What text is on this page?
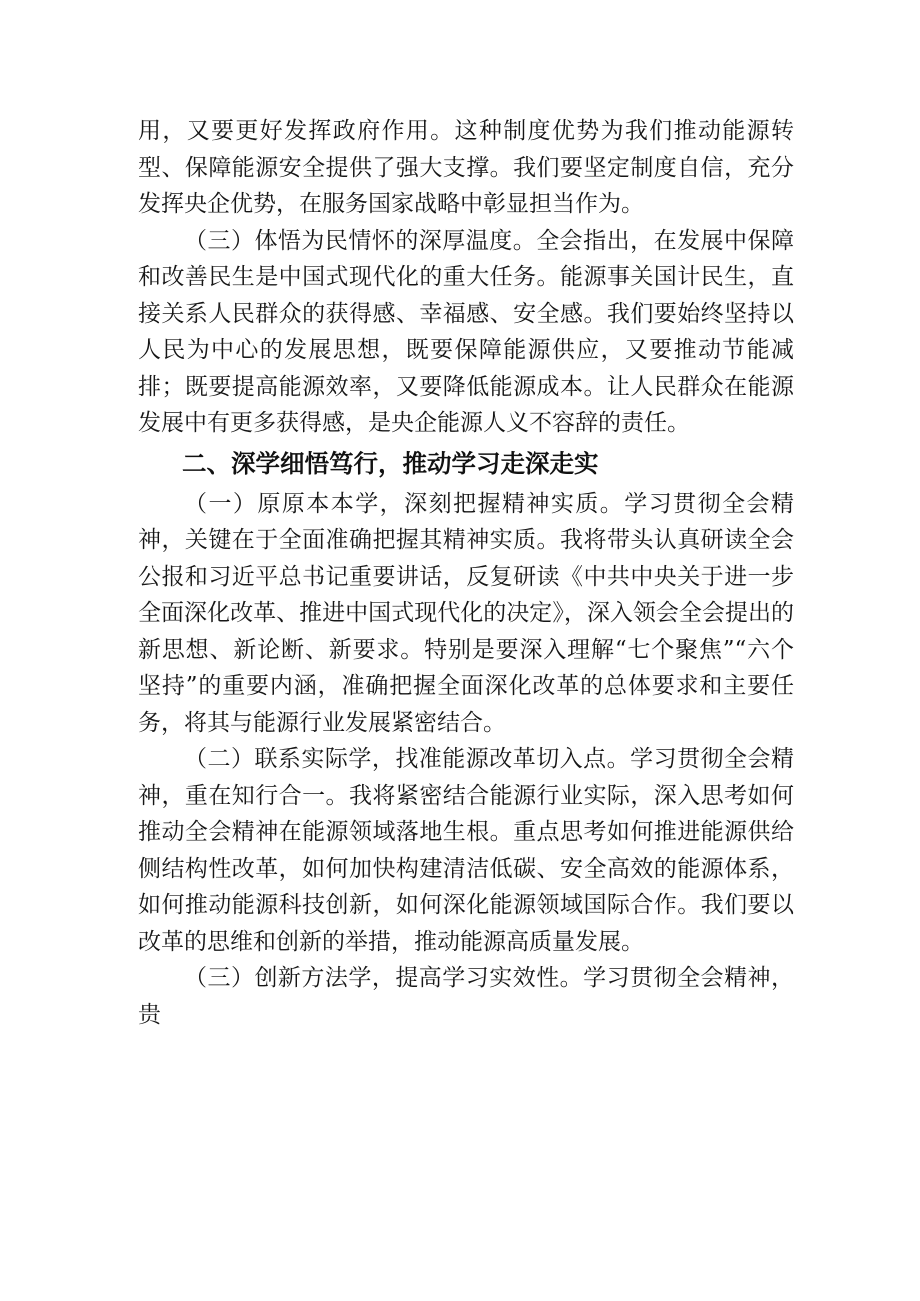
用，又要更好发挥政府作用。这种制度优势为我们推动能源转型、保障能源安全提供了强大支撑。我们要坚定制度自信，充分发挥央企优势，在服务国家战略中彰显担当作为。

（三）体悟为民情怀的深厚温度。全会指出，在发展中保障和改善民生是中国式现代化的重大任务。能源事关国计民生，直接关系人民群众的获得感、幸福感、安全感。我们要始终坚持以人民为中心的发展思想，既要保障能源供应，又要推动节能减排；既要提高能源效率，又要降低能源成本。让人民群众在能源发展中有更多获得感，是央企能源人义不容辞的责任。

二、深学细悟笃行，推动学习走深走实

（一）原原本本学，深刻把握精神实质。学习贯彻全会精神，关键在于全面准确把握其精神实质。我将带头认真研读全会公报和习近平总书记重要讲话，反复研读《中共中央关于进一步全面深化改革、推进中国式现代化的决定》，深入领会全会提出的新思想、新论断、新要求。特别是要深入理解“七个聚焦”“六个坚持”的重要内涵，准确把握全面深化改革的总体要求和主要任务，将其与能源行业发展紧密结合。

（二）联系实际学，找准能源改革切入点。学习贯彻全会精神，重在知行合一。我将紧密结合能源行业实际，深入思考如何推动全会精神在能源领域落地生根。重点思考如何推进能源供给侧结构性改革，如何加快构建清洁低碳、安全高效的能源体系，如何推动能源科技创新，如何深化能源领域国际合作。我们要以改革的思维和创新的举措，推动能源高质量发展。

（三）创新方法学，提高学习实效性。学习贯彻全会精神，贵
